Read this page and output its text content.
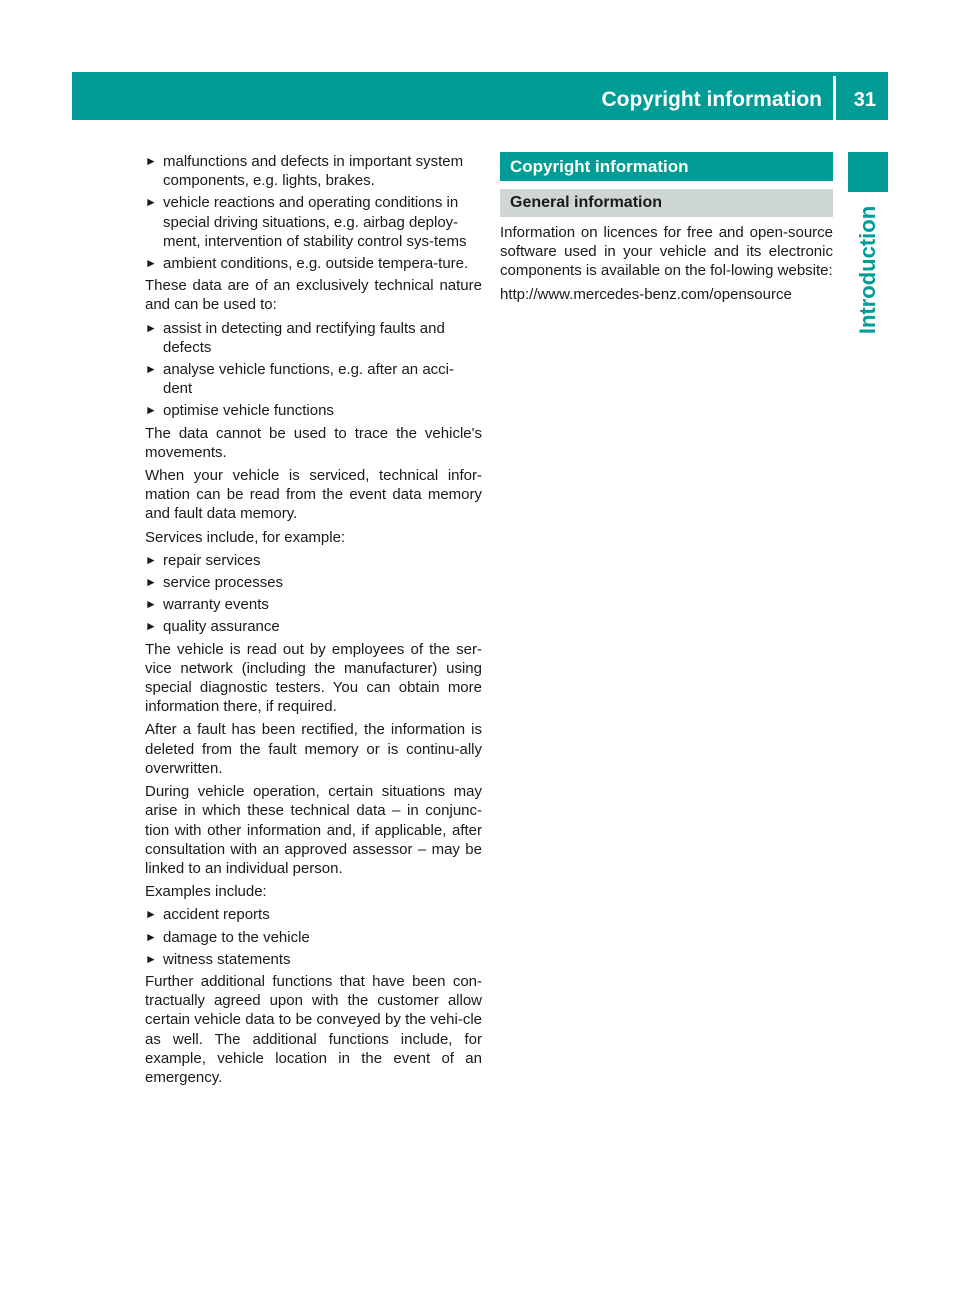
Copyright information 31
Introduction
► malfunctions and defects in important system components, e.g. lights, brakes.
► vehicle reactions and operating conditions in special driving situations, e.g. airbag deploy-ment, intervention of stability control sys-tems
► ambient conditions, e.g. outside tempera-ture.

These data are of an exclusively technical nature and can be used to:

► assist in detecting and rectifying faults and defects
► analyse vehicle functions, e.g. after an acci-dent
► optimise vehicle functions

The data cannot be used to trace the vehicle's movements.

When your vehicle is serviced, technical infor-mation can be read from the event data memory and fault data memory.

Services include, for example:

► repair services
► service processes
► warranty events
► quality assurance

The vehicle is read out by employees of the ser-vice network (including the manufacturer) using special diagnostic testers. You can obtain more information there, if required.

After a fault has been rectified, the information is deleted from the fault memory or is continu-ally overwritten.

During vehicle operation, certain situations may arise in which these technical data – in conjunc-tion with other information and, if applicable, after consultation with an approved assessor – may be linked to an individual person.

Examples include:

► accident reports
► damage to the vehicle
► witness statements

Further additional functions that have been con-tractually agreed upon with the customer allow certain vehicle data to be conveyed by the vehi-cle as well. The additional functions include, for example, vehicle location in the event of an emergency.

Copyright information
General information

Information on licences for free and open-source software used in your vehicle and its electronic components is available on the fol-lowing website:

http://www.mercedes-benz.com/opensource
